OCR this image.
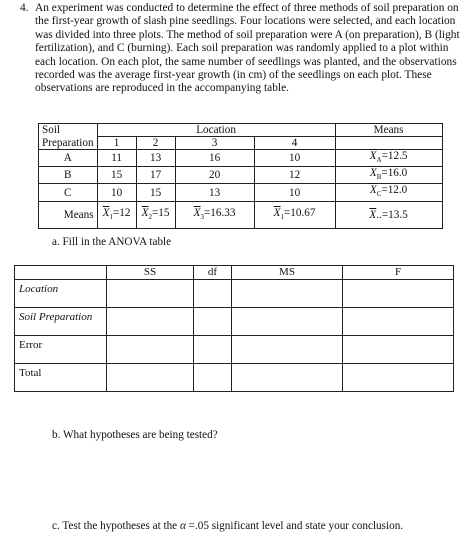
4. An experiment was conducted to determine the effect of three methods of soil preparation on the first-year growth of slash pine seedlings. Four locations were selected, and each location was divided into three plots. The method of soil preparation were A (on preparation), B (light fertilization), and C (burning). Each soil preparation was randomly applied to a plot within each location. On each plot, the same number of seedlings was planted, and the observations recorded was the average first-year growth (in cm) of the seedlings on each plot. These observations are reproduced in the accompanying table.
Soil	Location				Means
Preparation	1	2	3	4	
A	11	13	16	10	$\overline{X}_A=12.5$
B	15	17	20	12	$\overline{X}_B=16.0$
C	10	15	13	10	$\overline{X}_C=12.0$
Means	$\overline{X}_1=12$	$\overline{X}_2=15$	$\overline{X}_3=16.33$	$\overline{X}_1=10.67$	$\overline{X}..=13.5$
a. Fill in the ANOVA table
	SS	df	MS	F
Location				
Soil Preparation				
Error				
Total				
b. What hypotheses are being tested?
c. Test the hypotheses at the α =.05 significant level and state your conclusion.
